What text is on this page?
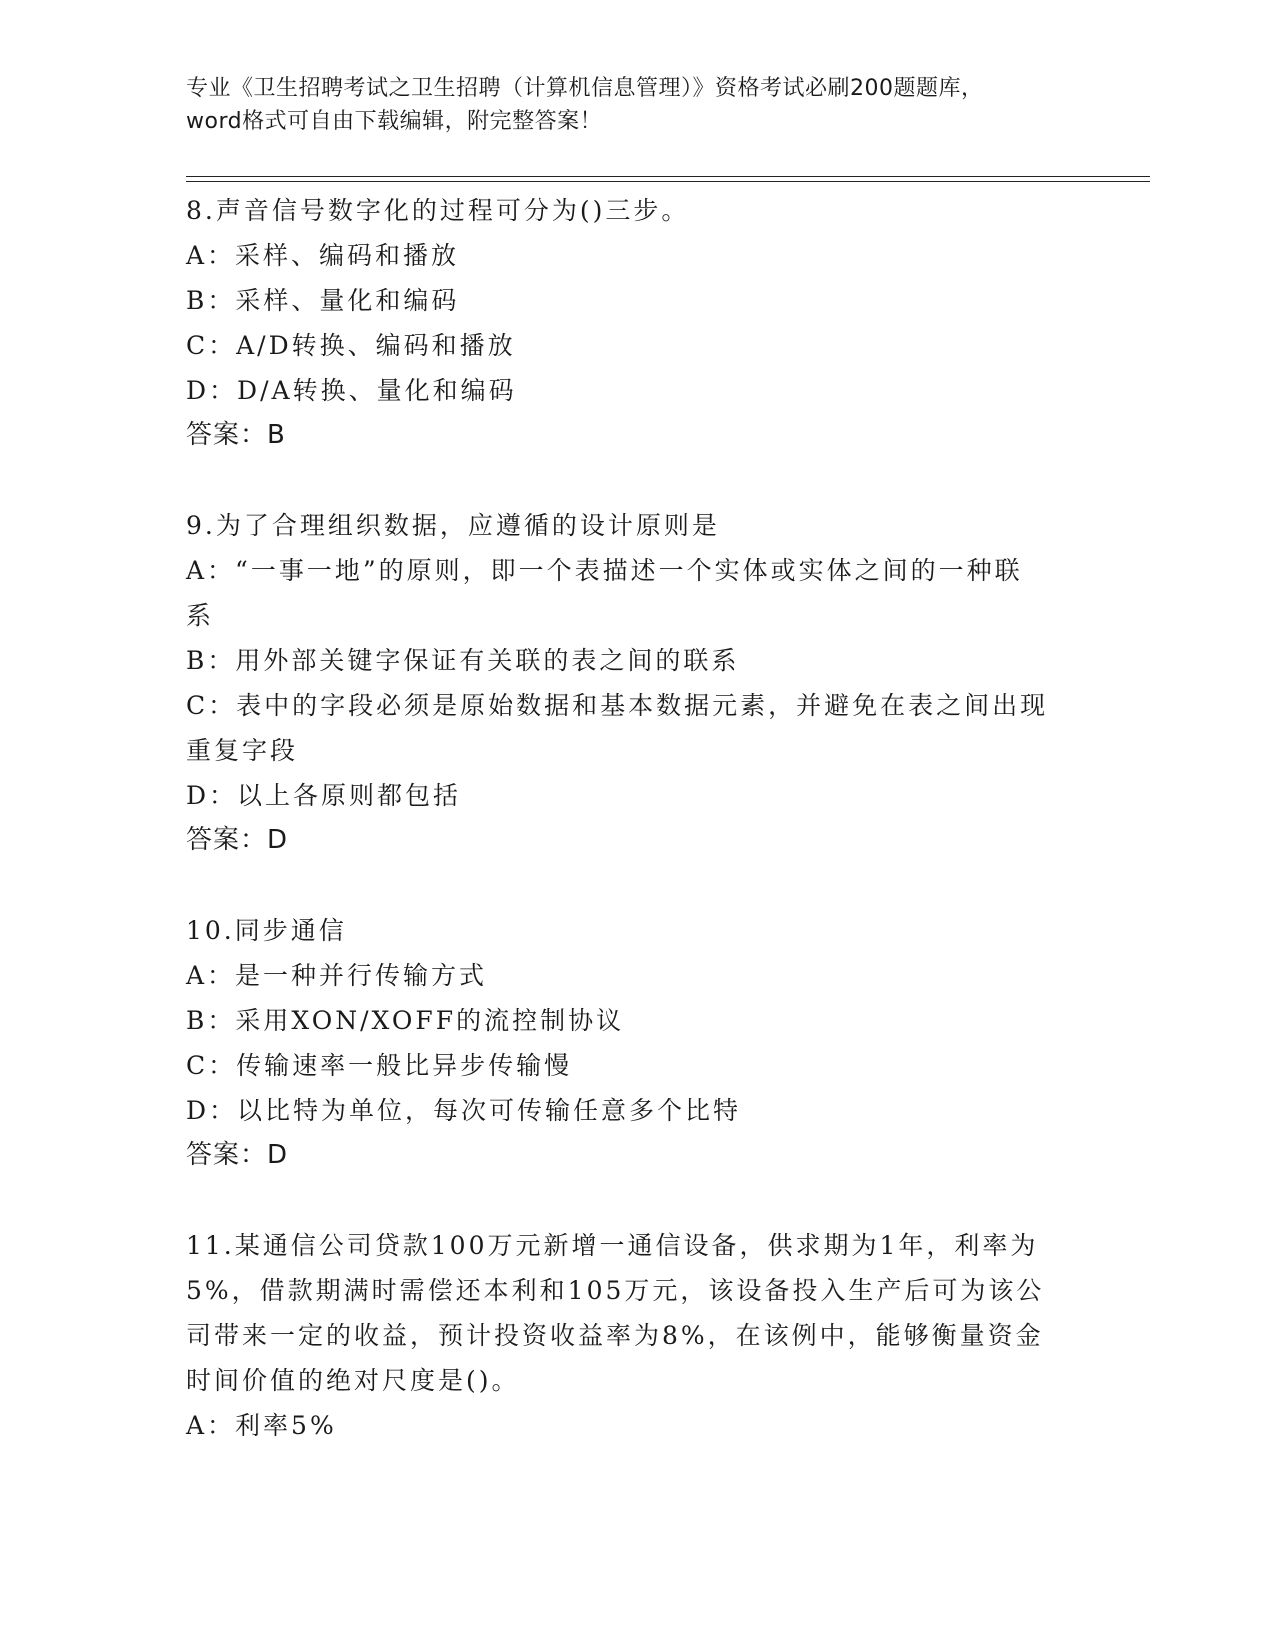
专业《卫生招聘考试之卫生招聘（计算机信息管理）》资格考试必刷200题题库，
word格式可自由下载编辑，附完整答案！

8.声音信号数字化的过程可分为()三步。

A：采样、编码和播放

B：采样、量化和编码

C：A/D转换、编码和播放

D：D/A转换、量化和编码

答案：B

9.为了合理组织数据，应遵循的设计原则是

A：“一事一地”的原则，即一个表描述一个实体或实体之间的一种联

系

B：用外部关键字保证有关联的表之间的联系

C：表中的字段必须是原始数据和基本数据元素，并避免在表之间出现

重复字段

D：以上各原则都包括

答案：D

10.同步通信

A：是一种并行传输方式

B：采用XON/XOFF的流控制协议

C：传输速率一般比异步传输慢

D：以比特为单位，每次可传输任意多个比特

答案：D

11.某通信公司贷款100万元新增一通信设备，供求期为1年，利率为

5%，借款期满时需偿还本利和105万元，该设备投入生产后可为该公

司带来一定的收益，预计投资收益率为8%，在该例中，能够衡量资金

时间价值的绝对尺度是()。

A：利率5%
